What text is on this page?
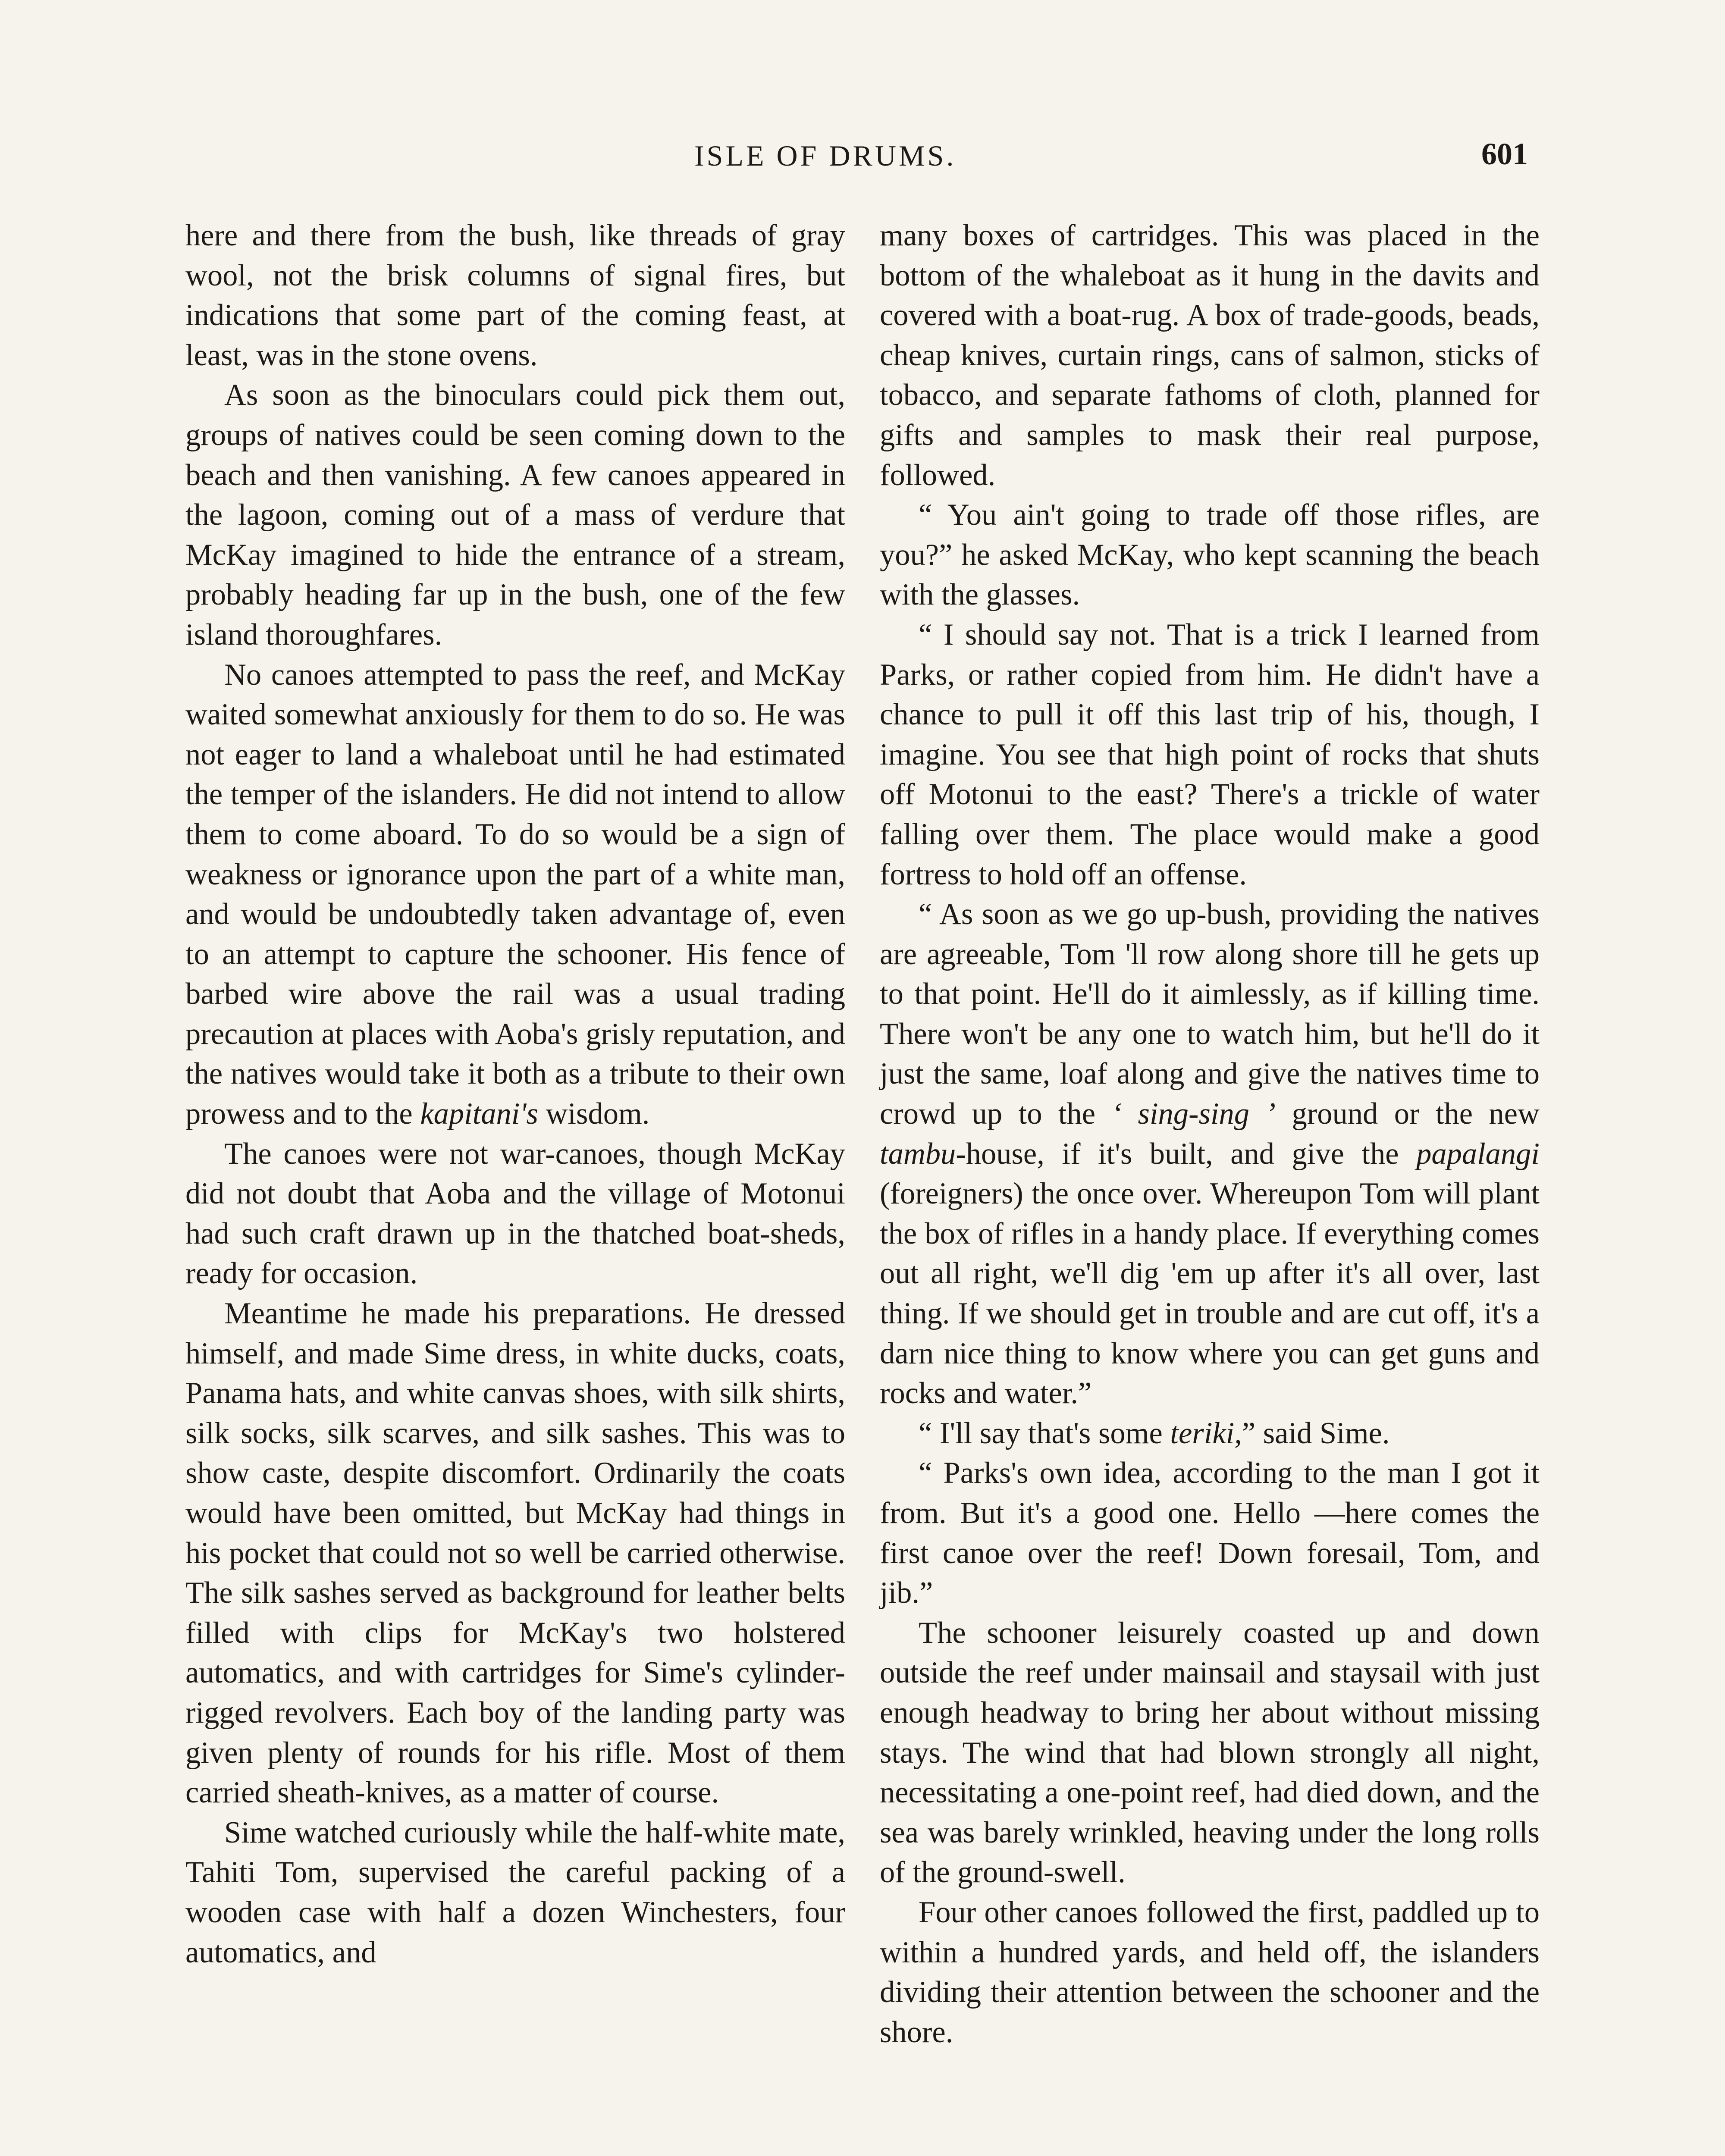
ISLE OF DRUMS.	601

here and there from the bush, like threads of gray wool, not the brisk columns of signal fires, but indications that some part of the coming feast, at least, was in the stone ovens.

As soon as the binoculars could pick them out, groups of natives could be seen coming down to the beach and then vanishing. A few canoes appeared in the lagoon, coming out of a mass of verdure that McKay imagined to hide the entrance of a stream, probably heading far up in the bush, one of the few island thoroughfares.

No canoes attempted to pass the reef, and McKay waited somewhat anxiously for them to do so. He was not eager to land a whaleboat until he had estimated the temper of the islanders. He did not intend to allow them to come aboard. To do so would be a sign of weakness or ignorance upon the part of a white man, and would be undoubtedly taken advantage of, even to an attempt to capture the schooner. His fence of barbed wire above the rail was a usual trading precaution at places with Aoba's grisly reputation, and the natives would take it both as a tribute to their own prowess and to the kapitani's wisdom.

The canoes were not war-canoes, though McKay did not doubt that Aoba and the village of Motonui had such craft drawn up in the thatched boat-sheds, ready for occasion.

Meantime he made his preparations. He dressed himself, and made Sime dress, in white ducks, coats, Panama hats, and white canvas shoes, with silk shirts, silk socks, silk scarves, and silk sashes. This was to show caste, despite discomfort. Ordinarily the coats would have been omitted, but McKay had things in his pocket that could not so well be carried otherwise. The silk sashes served as background for leather belts filled with clips for McKay's two holstered automatics, and with cartridges for Sime's cylinder-rigged revolvers. Each boy of the landing party was given plenty of rounds for his rifle. Most of them carried sheath-knives, as a matter of course.

Sime watched curiously while the half-white mate, Tahiti Tom, supervised the careful packing of a wooden case with half a dozen Winchesters, four automatics, and

many boxes of cartridges. This was placed in the bottom of the whaleboat as it hung in the davits and covered with a boat-rug. A box of trade-goods, beads, cheap knives, curtain rings, cans of salmon, sticks of tobacco, and separate fathoms of cloth, planned for gifts and samples to mask their real purpose, followed.

“ You ain't going to trade off those rifles, are you?” he asked McKay, who kept scanning the beach with the glasses.

“ I should say not. That is a trick I learned from Parks, or rather copied from him. He didn't have a chance to pull it off this last trip of his, though, I imagine. You see that high point of rocks that shuts off Motonui to the east? There's a trickle of water falling over them. The place would make a good fortress to hold off an offense.

“ As soon as we go up-bush, providing the natives are agreeable, Tom 'll row along shore till he gets up to that point. He'll do it aimlessly, as if killing time. There won't be any one to watch him, but he'll do it just the same, loaf along and give the natives time to crowd up to the ‘ sing-sing ’ ground or the new tambu-house, if it's built, and give the papalangi (foreigners) the once over. Whereupon Tom will plant the box of rifles in a handy place. If everything comes out all right, we'll dig 'em up after it's all over, last thing. If we should get in trouble and are cut off, it's a darn nice thing to know where you can get guns and rocks and water.”

“ I'll say that's some teriki,” said Sime.

“ Parks's own idea, according to the man I got it from. But it's a good one. Hello —here comes the first canoe over the reef! Down foresail, Tom, and jib.”

The schooner leisurely coasted up and down outside the reef under mainsail and staysail with just enough headway to bring her about without missing stays. The wind that had blown strongly all night, necessitating a one-point reef, had died down, and the sea was barely wrinkled, heaving under the long rolls of the ground-swell.

Four other canoes followed the first, paddled up to within a hundred yards, and held off, the islanders dividing their attention between the schooner and the shore.
